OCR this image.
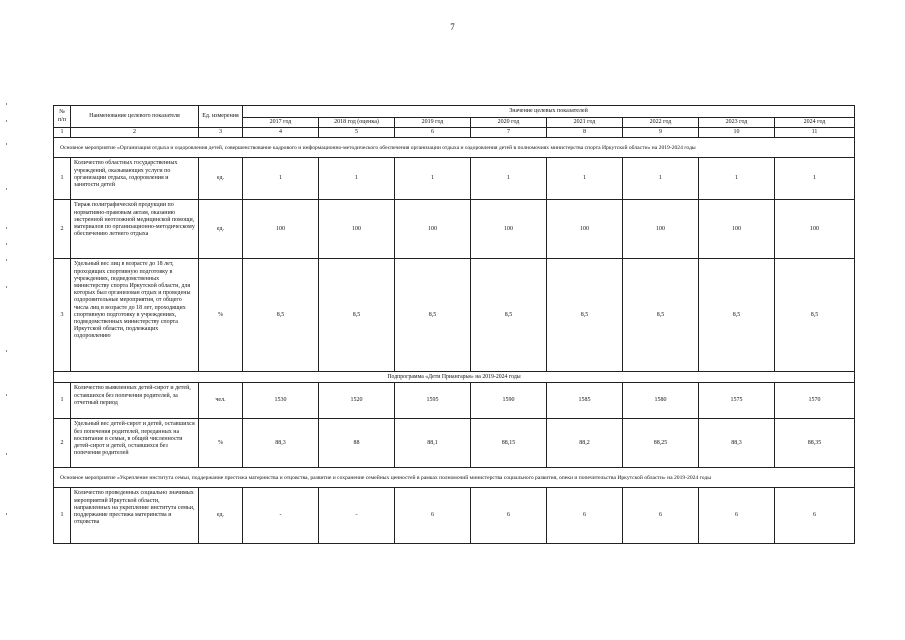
7
№ п/п	Наименование целевого показателя	Ед. измерения	Значение целевых показателей							
			2017 год	2018 год (оценка)	2019 год	2020 год	2021 год	2022 год	2023 год	2024 год
1	2	3	4	5	6	7	8	9	10	11
Основное мероприятие «Организация отдыха и оздоровления детей, совершенствование кадрового и информационно-методического обеспечения организации отдыха и оздоровления детей в полномочиях министерства спорта Иркутской области» на 2019-2024 годы										
1	Количество областных государственных учреждений, оказывающих услуги по организации отдыха, оздоровления и занятости детей	ед.	1	1	1	1	1	1	1	1
2	Тираж полиграфической продукции по нормативно-правовым актам, оказанию экстренной неотложной медицинской помощи, материалов по организационно-методическому обеспечению летнего отдыха	ед.	100	100	100	100	100	100	100	100
3	Удельный вес лиц в возрасте до 18 лет, проходящих спортивную подготовку в учреждениях, подведомственных министерству спорта Иркутской области, для которых был организован отдых и проведены оздоровительные мероприятия, от общего числа лиц в возрасте до 18 лет, проходящих спортивную подготовку в учреждениях, подведомственных министерству спорта Иркутской области, подлежащих оздоровлению	%	8,5	8,5	8,5	8,5	8,5	8,5	8,5	8,5
Подпрограмма «Дети Приангарья» на 2019-2024 годы										
1	Количество выявленных детей-сирот и детей, оставшихся без попечения родителей, за отчетный период	чел.	1530	1520	1595	1590	1585	1580	1575	1570
2	Удельный вес детей-сирот и детей, оставшихся без попечения родителей, переданных на воспитание в семьи, в общей численности детей-сирот и детей, оставшихся без попечения родителей	%	88,3	88	88,1	88,15	88,2	88,25	88,3	88,35
Основное мероприятие «Укрепление института семьи, поддержание престижа материнства и отцовства, развитие и сохранение семейных ценностей в рамках полномочий министерства социального развития, опеки и попечительства Иркутской области» на 2019-2024 годы										
1	Количество проведенных социально значимых мероприятий Иркутской области, направленных на укрепление института семьи, поддержание престижа материнства и отцовства	ед.	-	-	6	6	6	6	6	6
